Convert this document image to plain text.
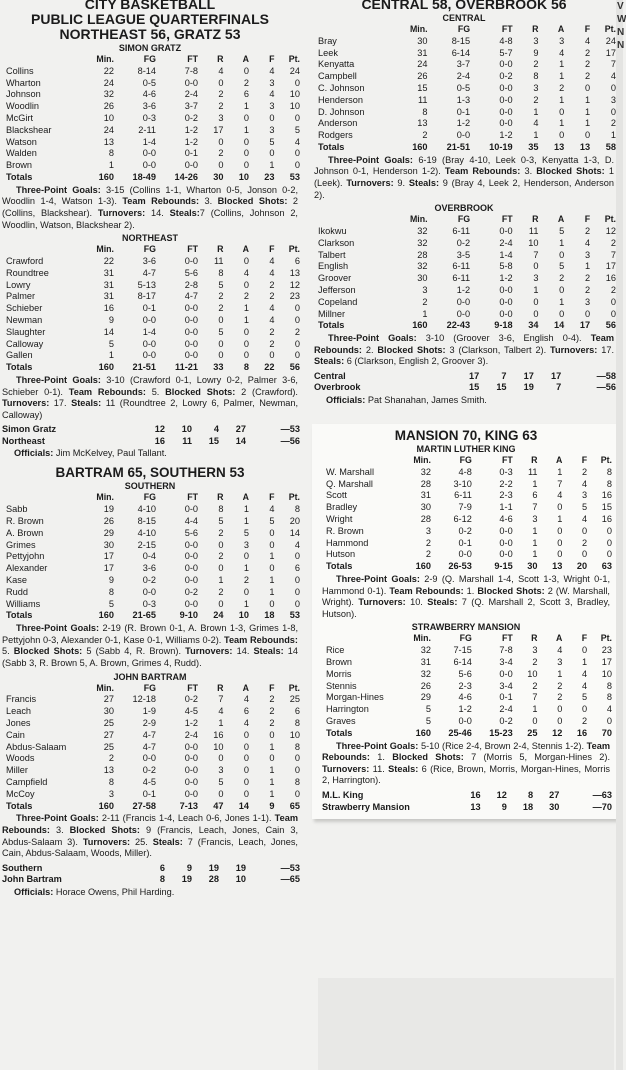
CITY BASKETBALL
PUBLIC LEAGUE QUARTERFINALS
NORTHEAST 56, GRATZ 53
SIMON GRATZ
	Min.	FG	FT	R	A	F	Pt.
Collins	22	8-14	7-8	4	0	4	24
Wharton	24	0-5	0-0	0	2	3	0
Johnson	32	4-6	2-4	2	6	4	10
Woodlin	26	3-6	3-7	2	1	3	10
McGirt	10	0-3	0-2	3	0	0	0
Blackshear	24	2-11	1-2	17	1	3	5
Watson	13	1-4	1-2	0	0	5	4
Walden	8	0-0	0-1	2	0	0	0
Brown	1	0-0	0-0	0	0	1	0
Totals	160	18-49	14-26	30	10	23	53
Three-Point Goals: 3-15 (Collins 1-1, Wharton 0-5, Jonson 0-2, Woodlin 1-4, Watson 1-3). Team Rebounds: 3. Blocked Shots: 2 (Collins, Blackshear). Turnovers: 14. Steals:7 (Collins, Johnson 2, Woodlin, Watson, Blackshear 2).
NORTHEAST
	Min.	FG	FT	R	A	F	Pt.
Crawford	22	3-6	0-0	11	0	4	6
Roundtree	31	4-7	5-6	8	4	4	13
Lowry	31	5-13	2-8	5	0	2	12
Palmer	31	8-17	4-7	2	2	2	23
Schieber	16	0-1	0-0	2	1	4	0
Newman	9	0-0	0-0	0	1	4	0
Slaughter	14	1-4	0-0	5	0	2	2
Calloway	5	0-0	0-0	0	0	2	0
Gallen	1	0-0	0-0	0	0	0	0
Totals	160	21-51	11-21	33	8	22	56
Three-Point Goals: 3-10 (Crawford 0-1, Lowry 0-2, Palmer 3-6, Schieber 0-1). Team Rebounds: 5. Blocked Shots: 2 (Crawford). Turnovers: 17. Steals: 11 (Roundtree 2, Lowry 6, Palmer, Newman, Calloway)
Simon Gratz	12	10	4	27	—53
Northeast	16	11	15	14	—56
Officials: Jim McKelvey, Paul Tallant.
BARTRAM 65, SOUTHERN 53
SOUTHERN
	Min.	FG	FT	R	A	F	Pt.
Sabb	19	4-10	0-0	8	1	4	8
R. Brown	26	8-15	4-4	5	1	5	20
A. Brown	29	4-10	5-6	2	5	0	14
Grimes	30	2-15	0-0	0	3	0	4
Pettyjohn	17	0-4	0-0	2	0	1	0
Alexander	17	3-6	0-0	0	1	0	6
Kase	9	0-2	0-0	1	2	1	0
Rudd	8	0-0	0-2	2	0	1	0
Williams	5	0-3	0-0	0	1	0	0
Totals	160	21-65	9-10	24	10	18	53
Three-Point Goals: 2-19 (R. Brown 0-1, A. Brown 1-3, Grimes 1-8, Pettyjohn 0-3, Alexander 0-1, Kase 0-1, Williams 0-2). Team Rebounds: 5. Blocked Shots: 5 (Sabb 4, R. Brown). Turnovers: 14. Steals: 14 (Sabb 3, R. Brown 5, A. Brown, Grimes 4, Rudd).
JOHN BARTRAM
	Min.	FG	FT	R	A	F	Pt.
Francis	27	12-18	0-2	7	4	2	25
Leach	30	1-9	4-5	4	6	2	6
Jones	25	2-9	1-2	1	4	2	8
Cain	27	4-7	2-4	16	0	0	10
Abdus-Salaam	25	4-7	0-0	10	0	1	8
Woods	2	0-0	0-0	0	0	0	0
Miller	13	0-2	0-0	3	0	1	0
Campfield	8	4-5	0-0	5	0	1	8
McCoy	3	0-1	0-0	0	0	1	0
Totals	160	27-58	7-13	47	14	9	65
Three-Point Goals: 2-11 (Francis 1-4, Leach 0-6, Jones 1-1). Team Rebounds: 3. Blocked Shots: 9 (Francis, Leach, Jones, Cain 3, Abdus-Salaam 3). Turnovers: 25. Steals: 7 (Francis, Leach, Jones, Cain, Abdus-Salaam, Woods, Miller).
Southern	6	9	19	19	—53
John Bartram	8	19	28	10	—65
Officials: Horace Owens, Phil Harding.
CENTRAL 58, OVERBROOK 56
CENTRAL
	Min.	FG	FT	R	A	F	Pt.
Bray	30	8-15	4-8	3	3	4	24
Leek	31	6-14	5-7	9	4	2	17
Kenyatta	24	3-7	0-0	2	1	2	7
Campbell	26	2-4	0-2	8	1	2	4
C. Johnson	15	0-5	0-0	3	2	0	0
Henderson	11	1-3	0-0	2	1	1	3
D. Johnson	8	0-1	0-0	1	0	1	0
Anderson	13	1-2	0-0	4	1	1	2
Rodgers	2	0-0	1-2	1	0	0	1
Totals	160	21-51	10-19	35	13	13	58
Three-Point Goals: 6-19 (Bray 4-10, Leek 0-3, Kenyatta 1-3, D. Johnson 0-1, Henderson 1-2). Team Rebounds: 3. Blocked Shots: 1 (Leek). Turnovers: 9. Steals: 9 (Bray 4, Leek 2, Henderson, Anderson 2).
OVERBROOK
	Min.	FG	FT	R	A	F	Pt.
Ikokwu	32	6-11	0-0	11	5	2	12
Clarkson	32	0-2	2-4	10	1	4	2
Talbert	28	3-5	1-4	7	0	3	7
English	32	6-11	5-8	0	5	1	17
Groover	30	6-11	1-2	3	2	2	16
Jefferson	3	1-2	0-0	1	0	2	2
Copeland	2	0-0	0-0	0	1	3	0
Millner	1	0-0	0-0	0	0	0	0
Totals	160	22-43	9-18	34	14	17	56
Three-Point Goals: 3-10 (Groover 3-6, English 0-4). Team Rebounds: 2. Blocked Shots: 3 (Clarkson, Talbert 2). Turnovers: 17. Steals: 6 (Clarkson, English 2, Groover 3).
Central	17	7	17	17	—58
Overbrook	15	15	19	7	—56
Officials: Pat Shanahan, James Smith.
MANSION 70, KING 63
MARTIN LUTHER KING
	Min.	FG	FT	R	A	F	Pt.
W. Marshall	32	4-8	0-3	11	1	2	8
Q. Marshall	28	3-10	2-2	1	7	4	8
Scott	31	6-11	2-3	6	4	3	16
Bradley	30	7-9	1-1	7	0	5	15
Wright	28	6-12	4-6	3	1	4	16
R. Brown	3	0-2	0-0	1	0	0	0
Hammond	2	0-1	0-0	1	0	2	0
Hutson	2	0-0	0-0	1	0	0	0
Totals	160	26-53	9-15	30	13	20	63
Three-Point Goals: 2-9 (Q. Marshall 1-4, Scott 1-3, Wright 0-1, Hammond 0-1). Team Rebounds: 1. Blocked Shots: 2 (W. Marshall, Wright). Turnovers: 10. Steals: 7 (Q. Marshall 2, Scott 3, Bradley, Hutson).
STRAWBERRY MANSION
	Min.	FG	FT	R	A	F	Pt.
Rice	32	7-15	7-8	3	4	0	23
Brown	31	6-14	3-4	2	3	1	17
Morris	32	5-6	0-0	10	1	4	10
Stennis	26	2-3	3-4	2	2	4	8
Morgan-Hines	29	4-6	0-1	7	2	5	8
Harrington	5	1-2	2-4	1	0	0	4
Graves	5	0-0	0-2	0	0	2	0
Totals	160	25-46	15-23	25	12	16	70
Three-Point Goals: 5-10 (Rice 2-4, Brown 2-4, Stennis 1-2). Team Rebounds: 1. Blocked Shots: 7 (Morris 5, Morgan-Hines 2). Turnovers: 11. Steals: 6 (Rice, Brown, Morris, Morgan-Hines, Morris 2, Harrington).
M.L. King	16	12	8	27	—63
Strawberry Mansion	13	9	18	30	—70
V
W
N
N
